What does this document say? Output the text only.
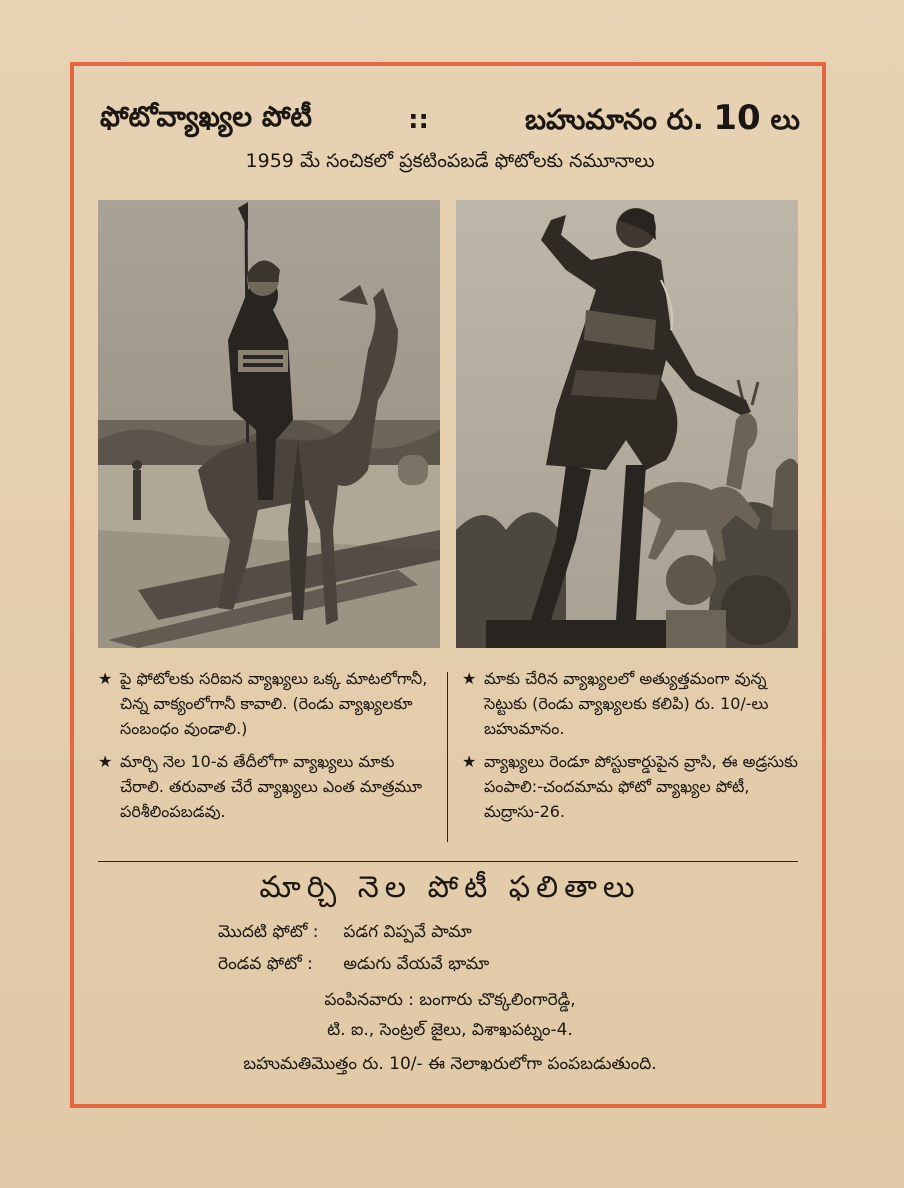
ఫోటోవ్యాఖ్యల పోటీ	::	బహుమానం రు. 10 లు
1959 మే సంచికలో ప్రకటింపబడే ఫోటోలకు నమూనాలు

★ పై ఫోటోలకు సరిఐన వ్యాఖ్యలు ఒక్క మాటలోగానీ, చిన్న వాక్యంలోగానీ కావాలి. (రెండు వ్యాఖ్యలకూ సంబంధం వుండాలి.)

★ మార్చి నెల 10-వ తేదీలోగా వ్యాఖ్యలు మాకు చేరాలి. తరువాత చేరే వ్యాఖ్యలు ఎంత మాత్రమూ పరిశీలింపబడవు.

★ మాకు చేరిన వ్యాఖ్యలలో అత్యుత్తమంగా వున్న సెట్టుకు (రెండు వ్యాఖ్యలకు కలిపి) రు. 10/-లు బహుమానం.

★ వ్యాఖ్యలు రెండూ పోస్టుకార్డుపైన వ్రాసి, ఈ అడ్రసుకు పంపాలి:-చందమామ ఫోటో వ్యాఖ్యల పోటీ, మద్రాసు-26.

మార్చి నెల పోటీ ఫలితాలు
మొదటి ఫోటో : పడగ విప్పవే పామా
రెండవ ఫోటో : అడుగు వేయవే భామా
పంపినవారు : బంగారు చొక్కలింగారెడ్డి,
టి. ఐ., సెంట్రల్ జైలు, విశాఖపట్నం-4.
బహుమతిమొత్తం రు. 10/- ఈ నెలాఖరులోగా పంపబడుతుంది.
